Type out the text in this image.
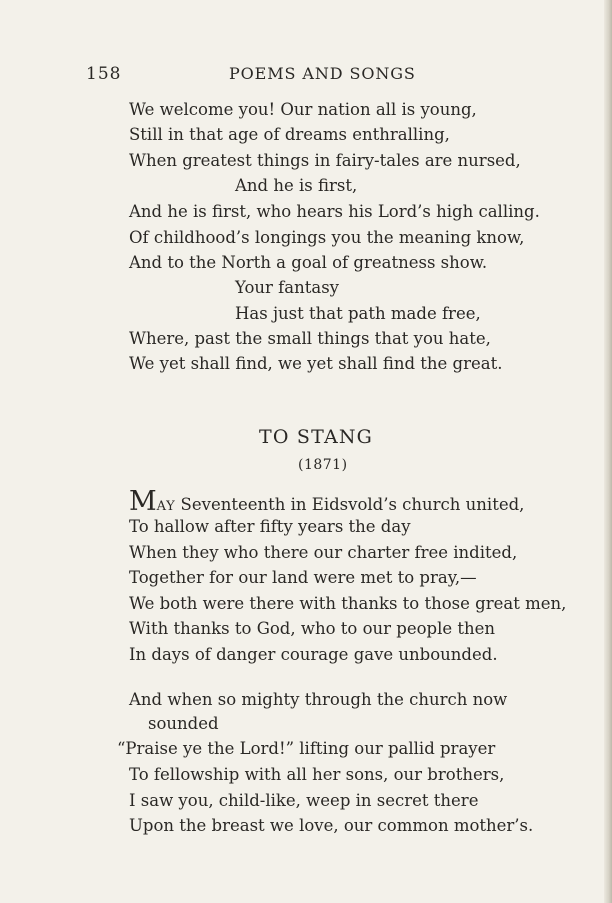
158	POEMS AND SONGS
We welcome you! Our nation all is young,
Still in that age of dreams enthralling,
When greatest things in fairy-tales are nursed,
And he is first,
And he is first, who hears his Lord’s high calling.
Of childhood’s longings you the meaning know,
And to the North a goal of greatness show.
Your fantasy
Has just that path made free,
Where, past the small things that you hate,
We yet shall find, we yet shall find the great.
TO STANG
(1871)
MAY Seventeenth in Eidsvold’s church united,
To hallow after fifty years the day
When they who there our charter free indited,
Together for our land were met to pray,—
We both were there with thanks to those great men,
With thanks to God, who to our people then
In days of danger courage gave unbounded.
And when so mighty through the church now
sounded
“Praise ye the Lord!” lifting our pallid prayer
To fellowship with all her sons, our brothers,
I saw you, child-like, weep in secret there
Upon the breast we love, our common mother’s.
